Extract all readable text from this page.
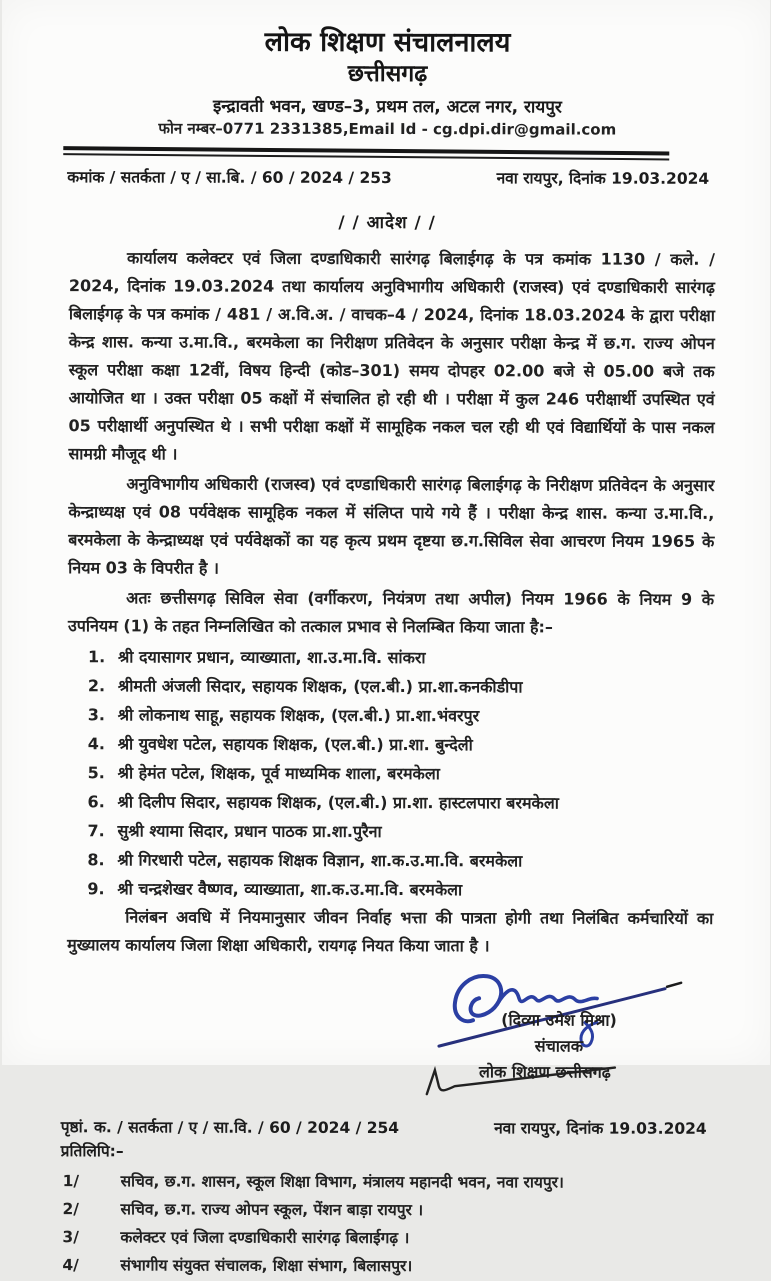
लोक शिक्षण संचालनालय
छत्तीसगढ़
इन्द्रावती भवन, खण्ड–3, प्रथम तल, अटल नगर, रायपुर
फोन नम्बर–0771 2331385,Email Id - cg.dpi.dir@gmail.com
कमांक / सतर्कता / ए / सा.बि. / 60 / 2024 / 253	नवा रायपुर, दिनांक 19.03.2024
/ / आदेश / /

कार्यालय कलेक्टर एवं जिला दण्डाधिकारी सारंगढ़ बिलाईगढ़ के पत्र कमांक 1130 / कले. / 2024, दिनांक 19.03.2024 तथा कार्यालय अनुविभागीय अधिकारी (राजस्व) एवं दण्डाधिकारी सारंगढ़ बिलाईगढ़ के पत्र कमांक / 481 / अ.वि.अ. / वाचक–4 / 2024, दिनांक 18.03.2024 के द्वारा परीक्षा केन्द्र शास. कन्या उ.मा.वि., बरमकेला का निरीक्षण प्रतिवेदन के अनुसार परीक्षा केन्द्र में छ.ग. राज्य ओपन स्कूल परीक्षा कक्षा 12वीं, विषय हिन्दी (कोड–301) समय दोपहर 02.00 बजे से 05.00 बजे तक आयोजित था । उक्त परीक्षा 05 कक्षों में संचालित हो रही थी । परीक्षा में कुल 246 परीक्षार्थी उपस्थित एवं 05 परीक्षार्थी अनुपस्थित थे । सभी परीक्षा कक्षों में सामूहिक नकल चल रही थी एवं विद्यार्थियों के पास नकल सामग्री मौजूद थी ।

अनुविभागीय अधिकारी (राजस्व) एवं दण्डाधिकारी सारंगढ़ बिलाईगढ़ के निरीक्षण प्रतिवेदन के अनुसार केन्द्राध्यक्ष एवं 08 पर्यवेक्षक सामूहिक नकल में संलिप्त पाये गये हैं । परीक्षा केन्द्र शास. कन्या उ.मा.वि., बरमकेला के केन्द्राध्यक्ष एवं पर्यवेक्षकों का यह कृत्य प्रथम दृष्टया छ.ग.सिविल सेवा आचरण नियम 1965 के नियम 03 के विपरीत है ।

अतः छत्तीसगढ़ सिविल सेवा (वर्गीकरण, नियंत्रण तथा अपील) नियम 1966 के नियम 9 के उपनियम (1) के तहत निम्नलिखित को तत्काल प्रभाव से निलम्बित किया जाता है:–

1. श्री दयासागर प्रधान, व्याख्याता, शा.उ.मा.वि. सांकरा
2. श्रीमती अंजली सिदार, सहायक शिक्षक, (एल.बी.) प्रा.शा.कनकीडीपा
3. श्री लोकनाथ साहू, सहायक शिक्षक, (एल.बी.) प्रा.शा.भंवरपुर
4. श्री युवधेश पटेल, सहायक शिक्षक, (एल.बी.) प्रा.शा. बुन्देली
5. श्री हेमंत पटेल, शिक्षक, पूर्व माध्यमिक शाला, बरमकेला
6. श्री दिलीप सिदार, सहायक शिक्षक, (एल.बी.) प्रा.शा. हास्टलपारा बरमकेला
7. सुश्री श्यामा सिदार, प्रधान पाठक प्रा.शा.पुरैना
8. श्री गिरधारी पटेल, सहायक शिक्षक विज्ञान, शा.क.उ.मा.वि. बरमकेला
9. श्री चन्द्रशेखर वैष्णव, व्याख्याता, शा.क.उ.मा.वि. बरमकेला

निलंबन अवधि में नियमानुसार जीवन निर्वाह भत्ता की पात्रता होगी तथा निलंबित कर्मचारियों का मुख्यालय कार्यालय जिला शिक्षा अधिकारी, रायगढ़ नियत किया जाता है ।

(दिव्या उमेश मिश्रा)
संचालक
लोक शिक्षण छत्तीसगढ़
पृष्ठां. क. / सतर्कता / ए / सा.वि. / 60 / 2024 / 254	नवा रायपुर, दिनांक 19.03.2024
प्रतिलिपि:–
1/	सचिव, छ.ग. शासन, स्कूल शिक्षा विभाग, मंत्रालय महानदी भवन, नवा रायपुर।
2/	सचिव, छ.ग. राज्य ओपन स्कूल, पेंशन बाड़ा रायपुर ।
3/	कलेक्टर एवं जिला दण्डाधिकारी सारंगढ़ बिलाईगढ़ ।
4/	संभागीय संयुक्त संचालक, शिक्षा संभाग, बिलासपुर।
